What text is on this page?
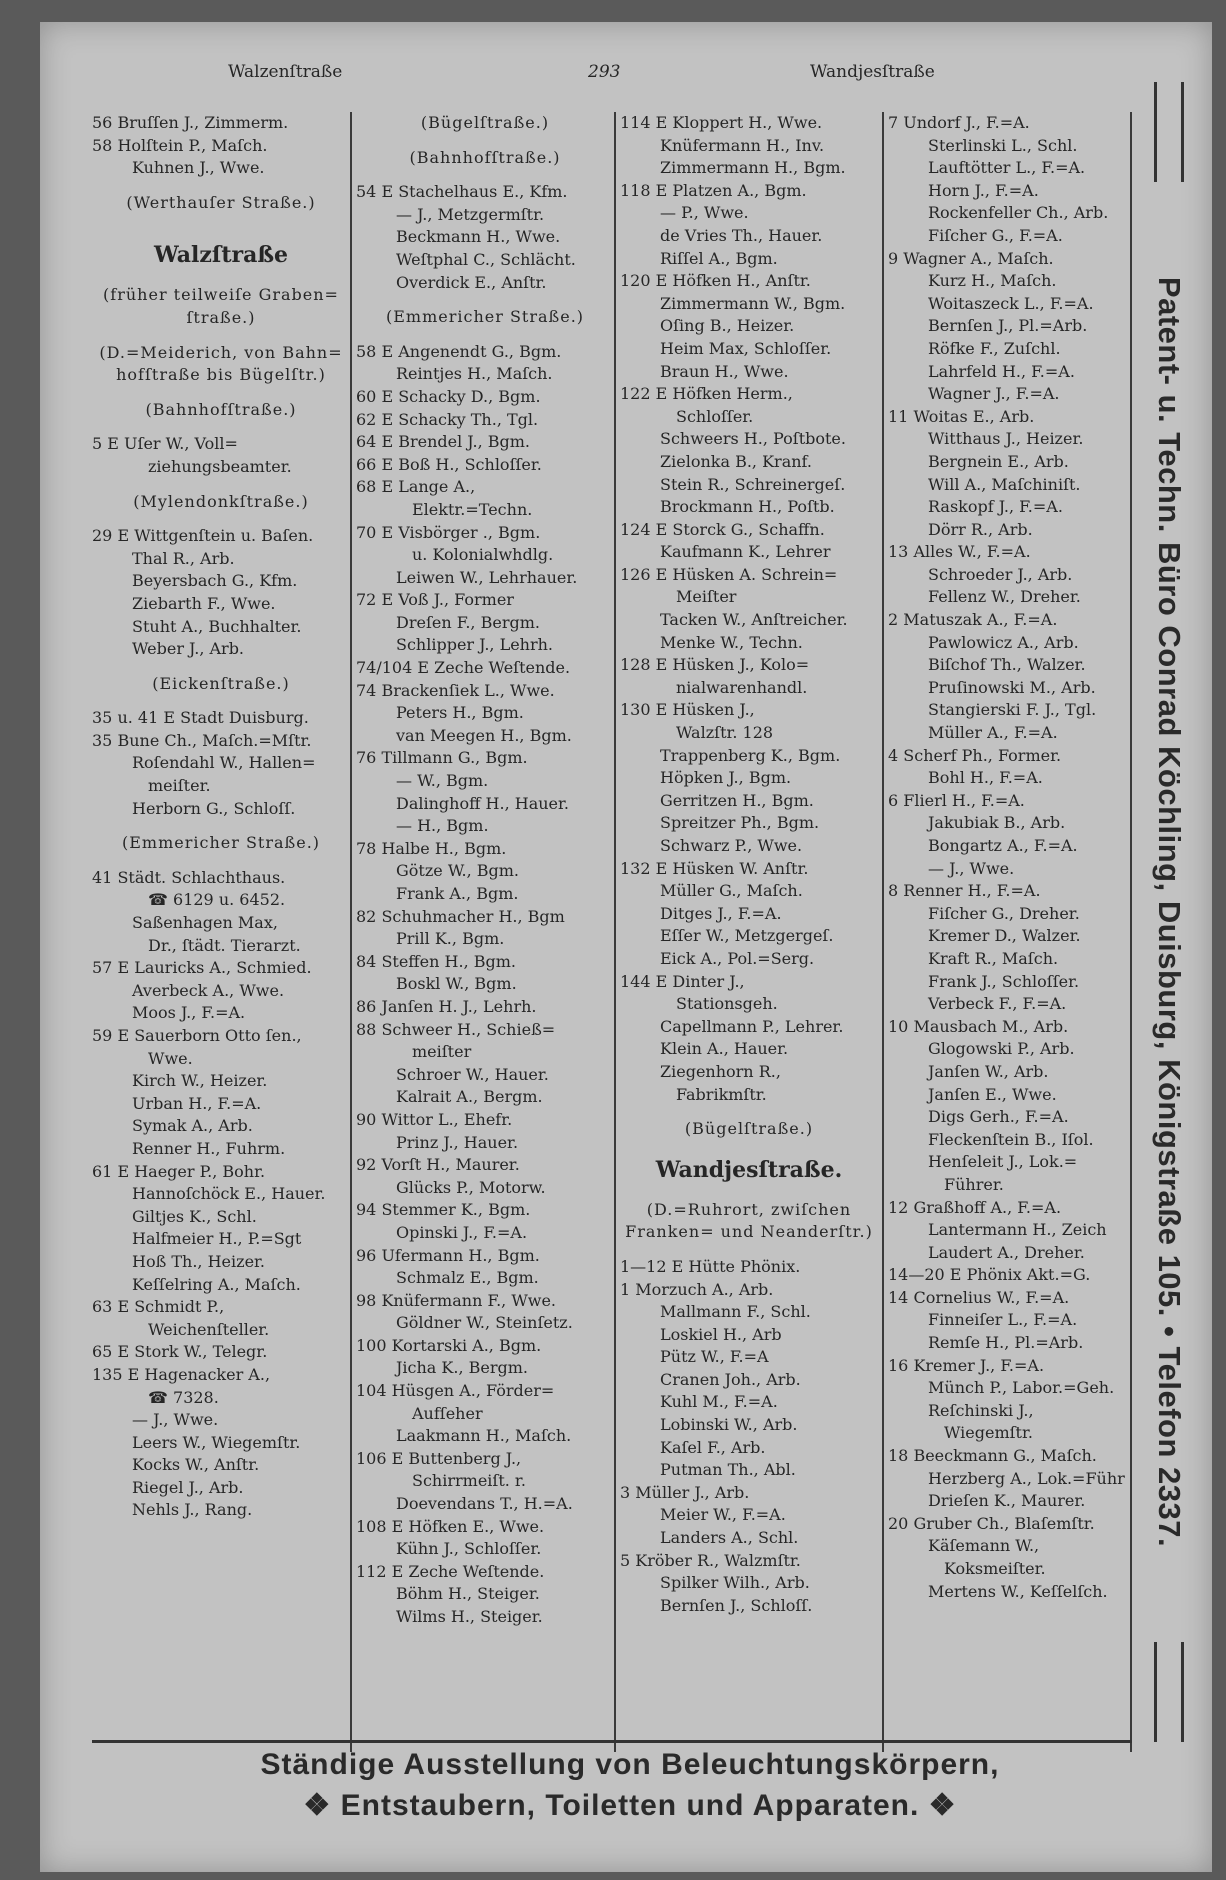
Walzenſtraße	293	Wandjesſtraße
56 Bruſſen J., Zimmerm.
58 Holſtein P., Maſch.
Kuhnen J., Wwe.
(Werthauſer Straße.)
Walzſtraße
(früher teilweiſe Graben=
ſtraße.)
(D.=Meiderich, von Bahn=
hofſtraße bis Bügelſtr.)
(Bahnhofſtraße.)
5 E Uſer W., Voll=
ziehungsbeamter.
(Mylendonkſtraße.)
29 E Wittgenſtein u. Baſen.
Thal R., Arb.
Beyersbach G., Kfm.
Ziebarth F., Wwe.
Stuht A., Buchhalter.
Weber J., Arb.
(Eickenſtraße.)
35 u. 41 E Stadt Duisburg.
35 Bune Ch., Maſch.=Mſtr.
Roſendahl W., Hallen=
meiſter.
Herborn G., Schloſſ.
(Emmericher Straße.)
41 Städt. Schlachthaus.
☎ 6129 u. 6452.
Saßenhagen Max,
Dr., ſtädt. Tierarzt.
57 E Lauricks A., Schmied.
Averbeck A., Wwe.
Moos J., F.=A.
59 E Sauerborn Otto ſen.,
Wwe.
Kirch W., Heizer.
Urban H., F.=A.
Symak A., Arb.
Renner H., Fuhrm.
61 E Haeger P., Bohr.
Hannoſchöck E., Hauer.
Giltjes K., Schl.
Halfmeier H., P.=Sgt
Hoß Th., Heizer.
Keſſelring A., Maſch.
63 E Schmidt P.,
Weichenſteller.
65 E Stork W., Telegr.
135 E Hagenacker A.,
☎ 7328.
— J., Wwe.
Leers W., Wiegemſtr.
Kocks W., Anſtr.
Riegel J., Arb.
Nehls J., Rang.
(Bügelſtraße.)
(Bahnhofſtraße.)
54 E Stachelhaus E., Kfm.
— J., Metzgermſtr.
Beckmann H., Wwe.
Weſtphal C., Schlächt.
Overdick E., Anſtr.
(Emmericher Straße.)
58 E Angenendt G., Bgm.
Reintjes H., Maſch.
60 E Schacky D., Bgm.
62 E Schacky Th., Tgl.
64 E Brendel J., Bgm.
66 E Boß H., Schloſſer.
68 E Lange A.,
Elektr.=Techn.
70 E Visbörger ., Bgm.
u. Kolonialwhdlg.
Leiwen W., Lehrhauer.
72 E Voß J., Former
Dreſen F., Bergm.
Schlipper J., Lehrh.
74/104 E Zeche Weſtende.
74 Brackenſiek L., Wwe.
Peters H., Bgm.
van Meegen H., Bgm.
76 Tillmann G., Bgm.
— W., Bgm.
Dalinghoff H., Hauer.
— H., Bgm.
78 Halbe H., Bgm.
Götze W., Bgm.
Frank A., Bgm.
82 Schuhmacher H., Bgm
Prill K., Bgm.
84 Steffen H., Bgm.
Boskl W., Bgm.
86 Janſen H. J., Lehrh.
88 Schweer H., Schieß=
meiſter
Schroer W., Hauer.
Kalrait A., Bergm.
90 Wittor L., Ehefr.
Prinz J., Hauer.
92 Vorſt H., Maurer.
Glücks P., Motorw.
94 Stemmer K., Bgm.
Opinski J., F.=A.
96 Ufermann H., Bgm.
Schmalz E., Bgm.
98 Knüfermann F., Wwe.
Göldner W., Steinſetz.
100 Kortarski A., Bgm.
Jicha K., Bergm.
104 Hüsgen A., Förder=
Aufſeher
Laakmann H., Maſch.
106 E Buttenberg J.,
Schirrmeiſt. r.
Doevendans T., H.=A.
108 E Höfken E., Wwe.
Kühn J., Schloſſer.
112 E Zeche Weſtende.
Böhm H., Steiger.
Wilms H., Steiger.
114 E Kloppert H., Wwe.
Knüfermann H., Inv.
Zimmermann H., Bgm.
118 E Platzen A., Bgm.
— P., Wwe.
de Vries Th., Hauer.
Riſſel A., Bgm.
120 E Höfken H., Anſtr.
Zimmermann W., Bgm.
Oſing B., Heizer.
Heim Max, Schloſſer.
Braun H., Wwe.
122 E Höfken Herm.,
Schloſſer.
Schweers H., Poſtbote.
Zielonka B., Kranf.
Stein R., Schreinergeſ.
Brockmann H., Poſtb.
124 E Storck G., Schaffn.
Kaufmann K., Lehrer
126 E Hüsken A. Schrein=
Meiſter
Tacken W., Anſtreicher.
Menke W., Techn.
128 E Hüsken J., Kolo=
nialwarenhandl.
130 E Hüsken J.,
Walzſtr. 128
Trappenberg K., Bgm.
Höpken J., Bgm.
Gerritzen H., Bgm.
Spreitzer Ph., Bgm.
Schwarz P., Wwe.
132 E Hüsken W. Anſtr.
Müller G., Maſch.
Ditges J., F.=A.
Eſſer W., Metzgergeſ.
Eick A., Pol.=Serg.
144 E Dinter J.,
Stationsgeh.
Capellmann P., Lehrer.
Klein A., Hauer.
Ziegenhorn R.,
Fabrikmſtr.
(Bügelſtraße.)
Wandjesſtraße.
(D.=Ruhrort, zwiſchen
Franken= und Neanderſtr.)
1—12 E Hütte Phönix.
1 Morzuch A., Arb.
Mallmann F., Schl.
Loskiel H., Arb
Pütz W., F.=A
Cranen Joh., Arb.
Kuhl M., F.=A.
Lobinski W., Arb.
Kaſel F., Arb.
Putman Th., Abl.
3 Müller J., Arb.
Meier W., F.=A.
Landers A., Schl.
5 Kröber R., Walzmſtr.
Spilker Wilh., Arb.
Bernſen J., Schloſſ.
7 Undorf J., F.=A.
Sterlinski L., Schl.
Lauftötter L., F.=A.
Horn J., F.=A.
Rockenfeller Ch., Arb.
Fiſcher G., F.=A.
9 Wagner A., Maſch.
Kurz H., Maſch.
Woitaszeck L., F.=A.
Bernſen J., Pl.=Arb.
Röfke F., Zuſchl.
Lahrfeld H., F.=A.
Wagner J., F.=A.
11 Woitas E., Arb.
Witthaus J., Heizer.
Bergnein E., Arb.
Will A., Maſchiniſt.
Raskopf J., F.=A.
Dörr R., Arb.
13 Alles W., F.=A.
Schroeder J., Arb.
Fellenz W., Dreher.
2 Matuszak A., F.=A.
Pawlowicz A., Arb.
Biſchof Th., Walzer.
Pruſinowski M., Arb.
Stangierski F. J., Tgl.
Müller A., F.=A.
4 Scherf Ph., Former.
Bohl H., F.=A.
6 Flierl H., F.=A.
Jakubiak B., Arb.
Bongartz A., F.=A.
— J., Wwe.
8 Renner H., F.=A.
Fiſcher G., Dreher.
Kremer D., Walzer.
Kraft R., Maſch.
Frank J., Schloſſer.
Verbeck F., F.=A.
10 Mausbach M., Arb.
Glogowski P., Arb.
Janſen W., Arb.
Janſen E., Wwe.
Digs Gerh., F.=A.
Fleckenſtein B., Iſol.
Henſeleit J., Lok.=
Führer.
12 Graßhoff A., F.=A.
Lantermann H., Zeich
Laudert A., Dreher.
14—20 E Phönix Akt.=G.
14 Cornelius W., F.=A.
Finneiſer L., F.=A.
Remſe H., Pl.=Arb.
16 Kremer J., F.=A.
Münch P., Labor.=Geh.
Reſchinski J.,
Wiegemſtr.
18 Beeckmann G., Maſch.
Herzberg A., Lok.=Führ
Drieſen K., Maurer.
20 Gruber Ch., Blaſemſtr.
Käſemann W.,
Koksmeiſter.
Mertens W., Keſſelſch.
Patent- u. Techn. Büro Conrad Köchling, Duisburg, Königstraße 105. • Telefon 2337.
Ständige Ausstellung von Beleuchtungskörpern,
❖ Entstaubern, Toiletten und Apparaten. ❖
